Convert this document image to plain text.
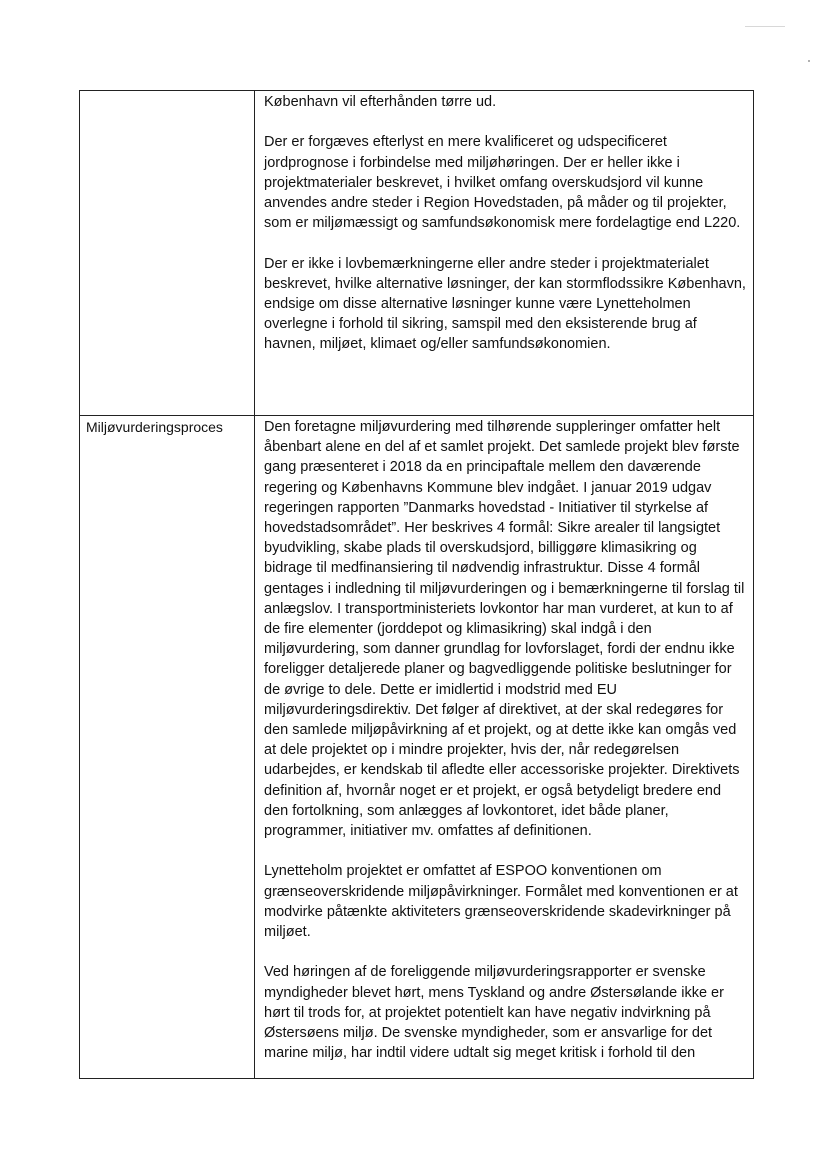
	København vil efterhånden tørre ud.

Der er forgæves efterlyst en mere kvalificeret og udspecificeret jordprognose i forbindelse med miljøhøringen. Der er heller ikke i projektmaterialer beskrevet, i hvilket omfang overskudsjord vil kunne anvendes andre steder i Region Hovedstaden, på måder og til projekter, som er miljømæssigt og samfundsøkonomisk mere fordelagtige end L220.

Der er ikke i lovbemærkningerne eller andre steder i projektmaterialet beskrevet, hvilke alternative løsninger, der kan stormflodssikre København, endsige om disse alternative løsninger kunne være Lynetteholmen overlegne i forhold til sikring, samspil med den eksisterende brug af havnen, miljøet, klimaet og/eller samfundsøkonomien.

Miljøvurderingsproces	Den foretagne miljøvurdering med tilhørende suppleringer omfatter helt åbenbart alene en del af et samlet projekt. Det samlede projekt blev første gang præsenteret i 2018 da en principaftale mellem den daværende regering og Københavns Kommune blev indgået. I januar 2019 udgav regeringen rapporten ”Danmarks hovedstad - Initiativer til styrkelse af hovedstadsområdet”. Her beskrives 4 formål: Sikre arealer til langsigtet byudvikling, skabe plads til overskudsjord, billiggøre klimasikring og bidrage til medfinansiering til nødvendig infrastruktur. Disse 4 formål gentages i indledning til miljøvurderingen og i bemærkningerne til forslag til anlægslov. I transportministeriets lovkontor har man vurderet, at kun to af de fire elementer (jorddepot og klimasikring) skal indgå i den miljøvurdering, som danner grundlag for lovforslaget, fordi der endnu ikke foreligger detaljerede planer og bagvedliggende politiske beslutninger for de øvrige to dele. Dette er imidlertid i modstrid med EU miljøvurderingsdirektiv. Det følger af direktivet, at der skal redegøres for den samlede miljøpåvirkning af et projekt, og at dette ikke kan omgås ved at dele projektet op i mindre projekter, hvis der, når redegørelsen udarbejdes, er kendskab til afledte eller accessoriske projekter. Direktivets definition af, hvornår noget er et projekt, er også betydeligt bredere end den fortolkning, som anlægges af lovkontoret, idet både planer, programmer, initiativer mv. omfattes af definitionen.

Lynetteholm projektet er omfattet af ESPOO konventionen om grænseoverskridende miljøpåvirkninger. Formålet med konventionen er at modvirke påtænkte aktiviteters grænseoverskridende skadevirkninger på miljøet.

Ved høringen af de foreliggende miljøvurderingsrapporter er svenske myndigheder blevet hørt, mens Tyskland og andre Østersølande ikke er hørt til trods for, at projektet potentielt kan have negativ indvirkning på Østersøens miljø. De svenske myndigheder, som er ansvarlige for det marine miljø, har indtil videre udtalt sig meget kritisk i forhold til den
